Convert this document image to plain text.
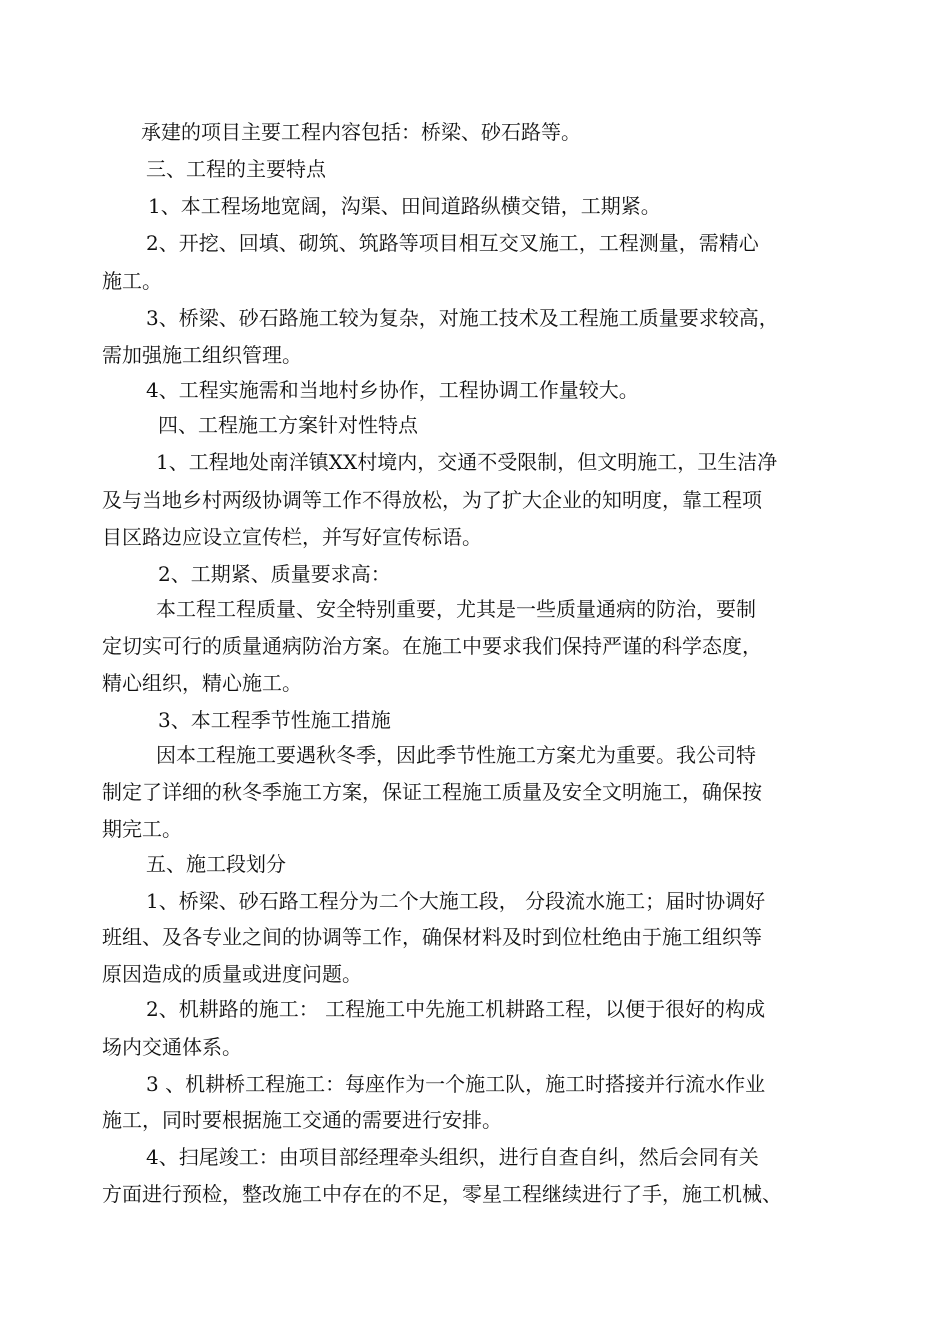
承建的项目主要工程内容包括：桥梁、砂石路等。
三、工程的主要特点
1、本工程场地宽阔，沟渠、田间道路纵横交错，工期紧。
2、开挖、回填、砌筑、筑路等项目相互交叉施工，工程测量，需精心
施工。
3、桥梁、砂石路施工较为复杂，对施工技术及工程施工质量要求较高，
需加强施工组织管理。
4、工程实施需和当地村乡协作，工程协调工作量较大。
四、工程施工方案针对性特点
1、工程地处南洋镇XX村境内，交通不受限制，但文明施工，卫生洁净
及与当地乡村两级协调等工作不得放松，为了扩大企业的知明度，靠工程项
目区路边应设立宣传栏，并写好宣传标语。
2、工期紧、质量要求高：
本工程工程质量、安全特别重要，尤其是一些质量通病的防治，要制
定切实可行的质量通病防治方案。在施工中要求我们保持严谨的科学态度，
精心组织，精心施工。
3、本工程季节性施工措施
因本工程施工要遇秋冬季，因此季节性施工方案尤为重要。我公司特
制定了详细的秋冬季施工方案，保证工程施工质量及安全文明施工，确保按
期完工。
五、施工段划分
1、桥梁、砂石路工程分为二个大施工段， 分段流水施工；届时协调好
班组、及各专业之间的协调等工作，确保材料及时到位杜绝由于施工组织等
原因造成的质量或进度问题。
2、机耕路的施工： 工程施工中先施工机耕路工程，以便于很好的构成
场内交通体系。
3 、机耕桥工程施工：每座作为一个施工队，施工时搭接并行流水作业
施工，同时要根据施工交通的需要进行安排。
4、扫尾竣工：由项目部经理牵头组织，进行自查自纠，然后会同有关
方面进行预检，整改施工中存在的不足，零星工程继续进行了手，施工机械、
